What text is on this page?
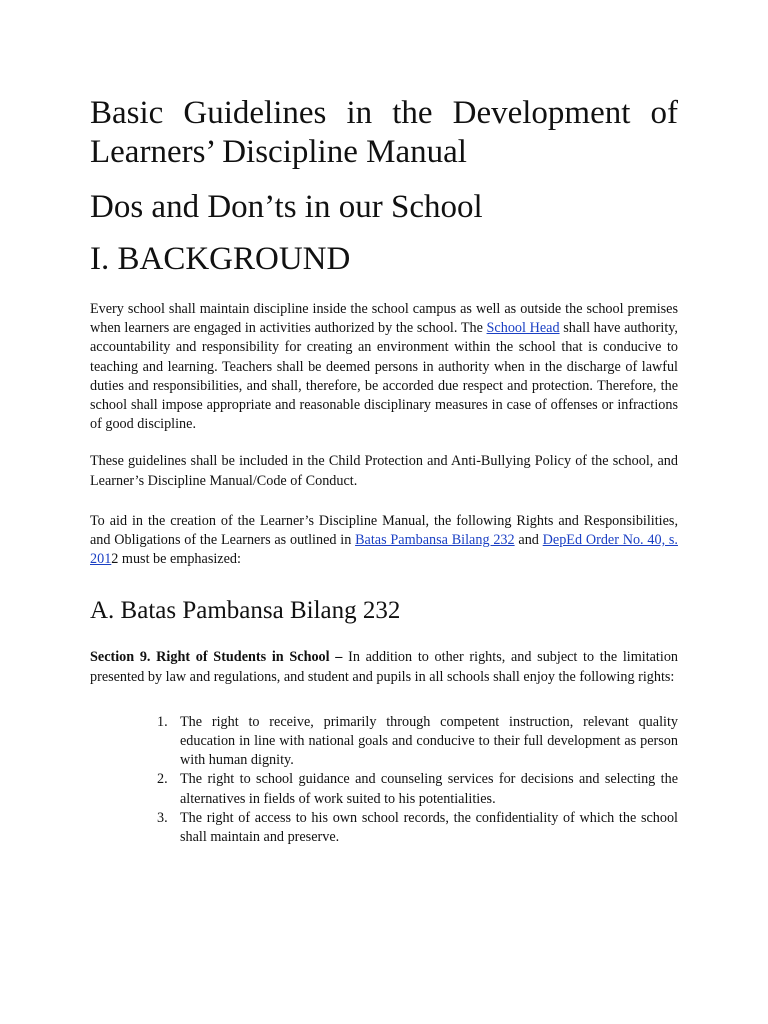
Basic Guidelines in the Development of Learners’ Discipline Manual
Dos and Don’ts in our School
I. BACKGROUND

Every school shall maintain discipline inside the school campus as well as outside the school premises when learners are engaged in activities authorized by the school. The School Head shall have authority, accountability and responsibility for creating an environment within the school that is conducive to teaching and learning. Teachers shall be deemed persons in authority when in the discharge of lawful duties and responsibilities, and shall, therefore, be accorded due respect and protection. Therefore, the school shall impose appropriate and reasonable disciplinary measures in case of offenses or infractions of good discipline.

These guidelines shall be included in the Child Protection and Anti-Bullying Policy of the school, and Learner’s Discipline Manual/Code of Conduct.

To aid in the creation of the Learner’s Discipline Manual, the following Rights and Responsibilities, and Obligations of the Learners as outlined in Batas Pambansa Bilang 232 and DepEd Order No. 40, s. 2012 must be emphasized:

A. Batas Pambansa Bilang 232

Section 9. Right of Students in School – In addition to other rights, and subject to the limitation presented by law and regulations, and student and pupils in all schools shall enjoy the following rights:

1. The right to receive, primarily through competent instruction, relevant quality education in line with national goals and conducive to their full development as person with human dignity.
2. The right to school guidance and counseling services for decisions and selecting the alternatives in fields of work suited to his potentialities.
3. The right of access to his own school records, the confidentiality of which the school shall maintain and preserve.
